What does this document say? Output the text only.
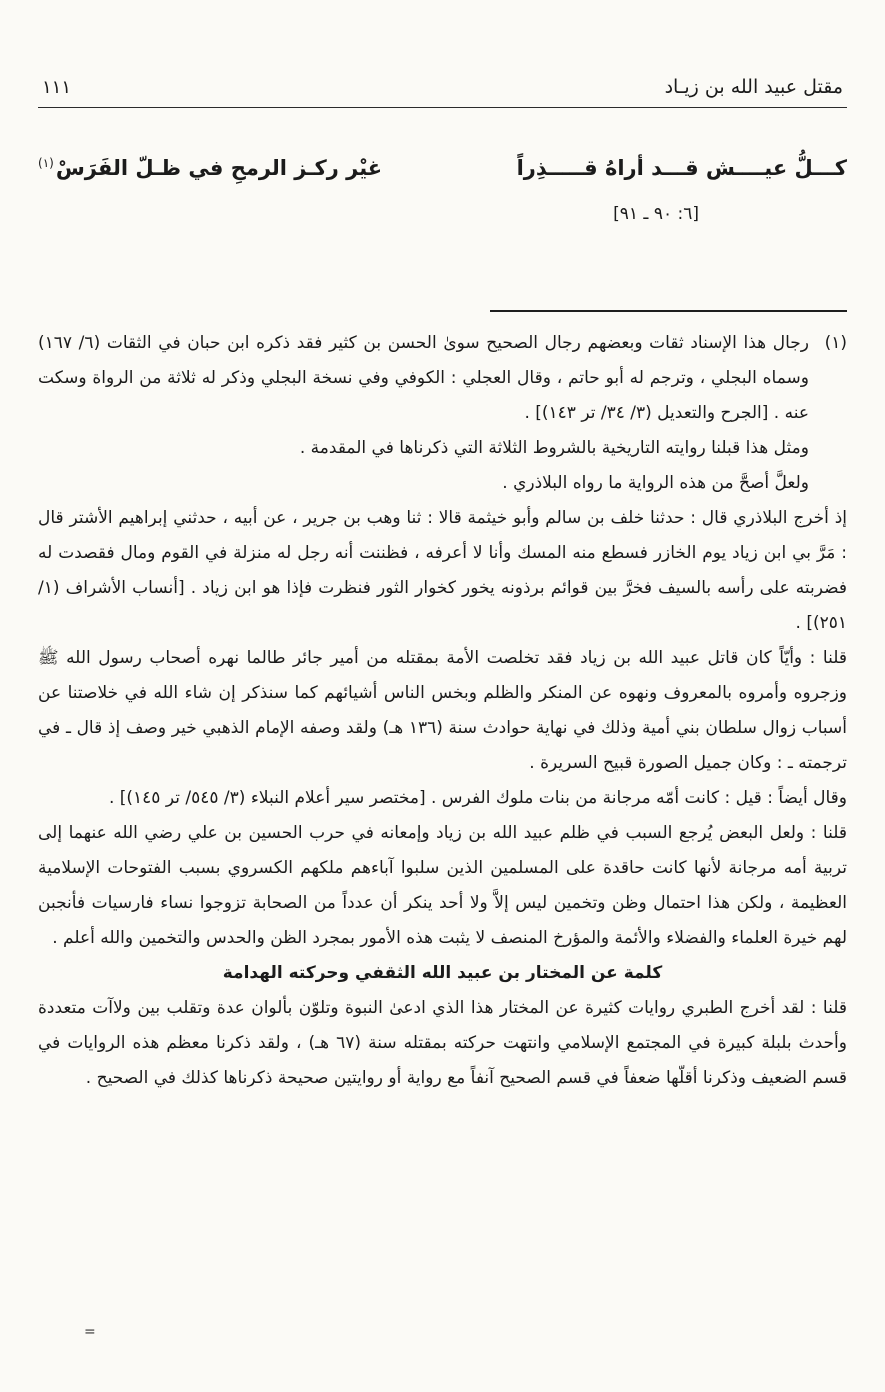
مقتل عبيد الله بن زيـاد
١١١
كـــلُّ عيــــش قـــد أراهُ قـــــذِراً
غيْر ركـز الرمحِ في ظـلّ الفَرَسْ$^{(١)}$
[٦: ٩٠ ـ ٩١]

(١)
رجال هذا الإسناد ثقات وبعضهم رجال الصحيح سوىٰ الحسن بن كثير فقد ذكره ابن حبان في الثقات (٦/ ١٦٧) وسماه البجلي ، وترجم له أبو حاتم ، وقال العجلي : الكوفي وفي نسخة البجلي وذكر له ثلاثة من الرواة وسكت عنه . [الجرح والتعديل (٣/ ٣٤/ تر ١٤٣)] .

ومثل هذا قبلنا روايته التاريخية بالشروط الثلاثة التي ذكرناها في المقدمة .

ولعلَّ أصحَّ من هذه الرواية ما رواه البلاذري .

إذ أخرج البلاذري قال : حدثنا خلف بن سالم وأبو خيثمة قالا : ثنا وهب بن جرير ، عن أبيه ، حدثني إبراهيم الأشتر قال : مَرَّ بي ابن زياد يوم الخازر فسطع منه المسك وأنا لا أعرفه ، فظننت أنه رجل له منزلة في القوم ومال فقصدت له فضربته على رأسه بالسيف فخرَّ بين قوائم برذونه يخور كخوار الثور فنظرت فإذا هو ابن زياد . [أنساب الأشراف (١/ ٢٥١)] .

قلنا : وأيّاً كان قاتل عبيد الله بن زياد فقد تخلصت الأمة بمقتله من أمير جائر طالما نهره أصحاب رسول الله ﷺ وزجروه وأمروه بالمعروف ونهوه عن المنكر والظلم وبخس الناس أشيائهم كما سنذكر إن شاء الله في خلاصتنا عن أسباب زوال سلطان بني أمية وذلك في نهاية حوادث سنة (١٣٦ هـ) ولقد وصفه الإمام الذهبي خير وصف إذ قال ـ في ترجمته ـ : وكان جميل الصورة قبيح السريرة .

وقال أيضاً : قيل : كانت أمّه مرجانة من بنات ملوك الفرس . [مختصر سير أعلام النبلاء (٣/ ٥٤٥/ تر ١٤٥)] .

قلنا : ولعل البعض يُرجع السبب في ظلم عبيد الله بن زياد وإمعانه في حرب الحسين بن علي رضي الله عنهما إلى تربية أمه مرجانة لأنها كانت حاقدة على المسلمين الذين سلبوا آباءهم ملكهم الكسروي بسبب الفتوحات الإسلامية العظيمة ، ولكن هذا احتمال وظن وتخمين ليس إلاَّ ولا أحد ينكر أن عدداً من الصحابة تزوجوا نساء فارسيات فأنجبن لهم خيرة العلماء والفضلاء والأئمة والمؤرخ المنصف لا يثبت هذه الأمور بمجرد الظن والحدس والتخمين والله أعلم .

كلمة عن المختار بن عبيد الله الثقفي وحركته الهدامة

قلنا : لقد أخرج الطبري روايات كثيرة عن المختار هذا الذي ادعىٰ النبوة وتلوّن بألوان عدة وتقلب بين ولاآت متعددة وأحدث بلبلة كبيرة في المجتمع الإسلامي وانتهت حركته بمقتله سنة (٦٧ هـ) ، ولقد ذكرنا معظم هذه الروايات في قسم الضعيف وذكرنا أقلّها ضعفاً في قسم الصحيح آنفاً مع رواية أو روايتين صحيحة ذكرناها كذلك في الصحيح .

=
